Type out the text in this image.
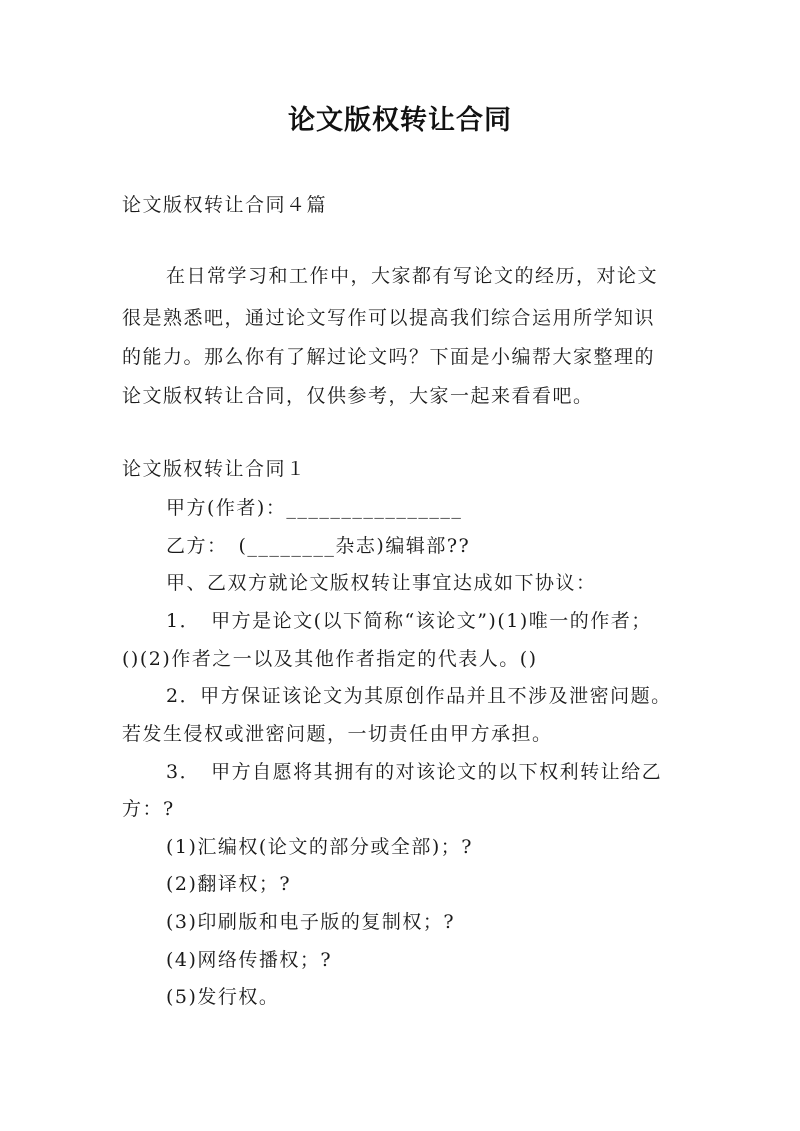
论文版权转让合同
论文版权转让合同４篇
在日常学习和工作中，大家都有写论文的经历，对论文
很是熟悉吧，通过论文写作可以提高我们综合运用所学知识
的能力。那么你有了解过论文吗？下面是小编帮大家整理的
论文版权转让合同，仅供参考，大家一起来看看吧。
论文版权转让合同１
甲方(作者)：________________
乙方：　(________杂志)编辑部??
甲、乙双方就论文版权转让事宜达成如下协议：
1．　甲方是论文(以下简称“该论文”)(1)唯一的作者；
()(2)作者之一以及其他作者指定的代表人。()
2．甲方保证该论文为其原创作品并且不涉及泄密问题。
若发生侵权或泄密问题，一切责任由甲方承担。
3．　甲方自愿将其拥有的对该论文的以下权利转让给乙
方：?
(1)汇编权(论文的部分或全部)；?
(2)翻译权；?
(3)印刷版和电子版的复制权；?
(4)网络传播权；?
(5)发行权。
